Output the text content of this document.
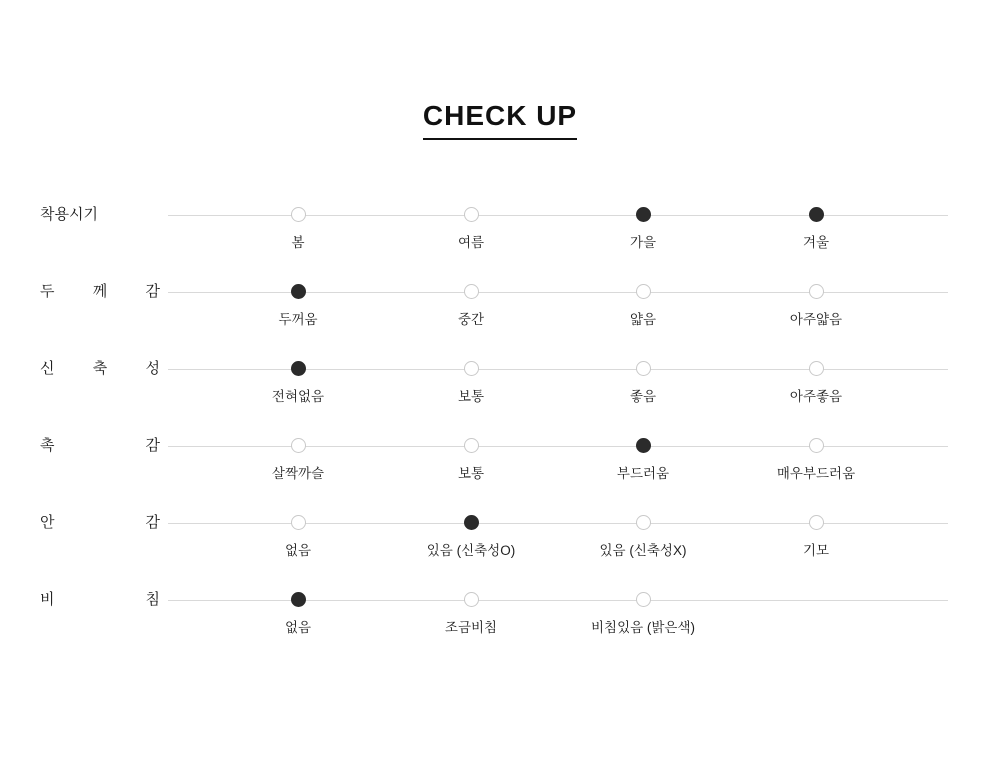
CHECK UP
착용시기
봄	여름	가을	겨울
두 께 감
두꺼움	중간	얇음	아주얇음
신 축 성
전혀없음	보통	좋음	아주좋음
촉 감
살짝까슬	보통	부드러움	매우부드러움
안 감
없음	있음 (신축성O)	있음 (신축성X)	기모
비 침
없음	조금비침	비침있음 (밝은색)
